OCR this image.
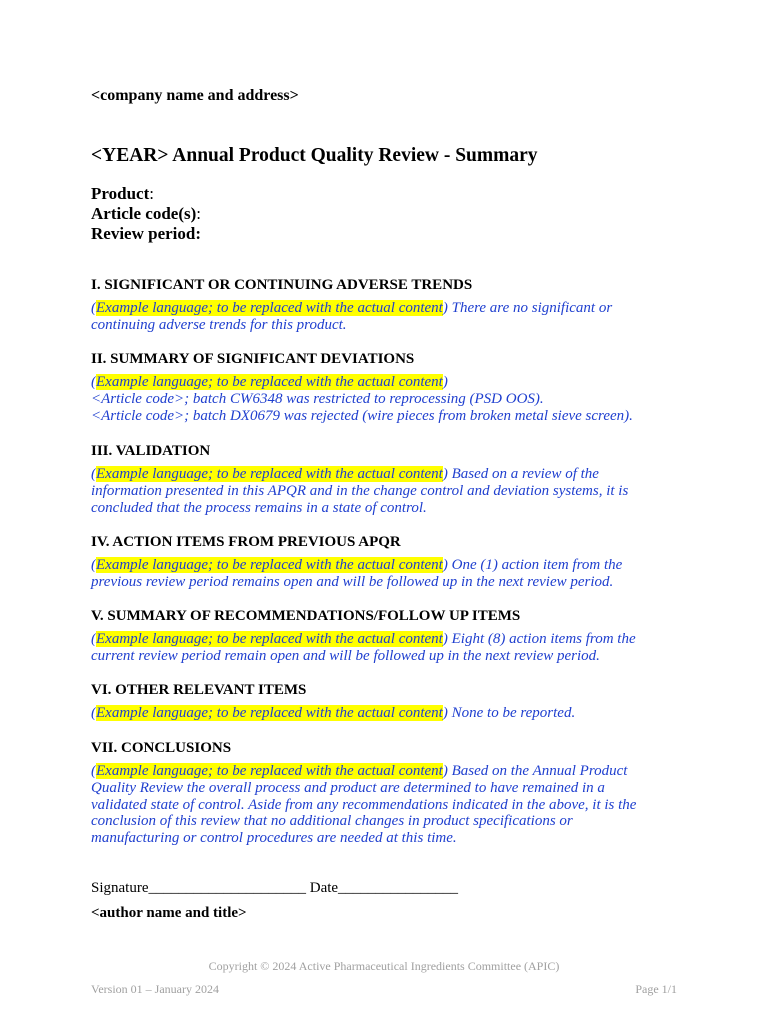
<company name and address>
<YEAR> Annual Product Quality Review - Summary
Product:
Article code(s):
Review period:
I. SIGNIFICANT OR CONTINUING ADVERSE TRENDS
(Example language; to be replaced with the actual content) There are no significant or
continuing adverse trends for this product.
II. SUMMARY OF SIGNIFICANT DEVIATIONS
(Example language; to be replaced with the actual content)
<Article code>; batch CW6348 was restricted to reprocessing (PSD OOS).
<Article code>; batch DX0679 was rejected (wire pieces from broken metal sieve screen).
III. VALIDATION
(Example language; to be replaced with the actual content) Based on a review of the
information presented in this APQR and in the change control and deviation systems, it is
concluded that the process remains in a state of control.
IV. ACTION ITEMS FROM PREVIOUS APQR
(Example language; to be replaced with the actual content) One (1) action item from the
previous review period remains open and will be followed up in the next review period.
V. SUMMARY OF RECOMMENDATIONS/FOLLOW UP ITEMS
(Example language; to be replaced with the actual content) Eight (8) action items from the
current review period remain open and will be followed up in the next review period.
VI. OTHER RELEVANT ITEMS
(Example language; to be replaced with the actual content) None to be reported.
VII. CONCLUSIONS
(Example language; to be replaced with the actual content) Based on the Annual Product
Quality Review the overall process and product are determined to have remained in a
validated state of control. Aside from any recommendations indicated in the above, it is the
conclusion of this review that no additional changes in product specifications or
manufacturing or control procedures are needed at this time.
Signature_____________________ Date________________
<author name and title>
Copyright © 2024 Active Pharmaceutical Ingredients Committee (APIC)
Version 01 – January 2024	Page 1/1
